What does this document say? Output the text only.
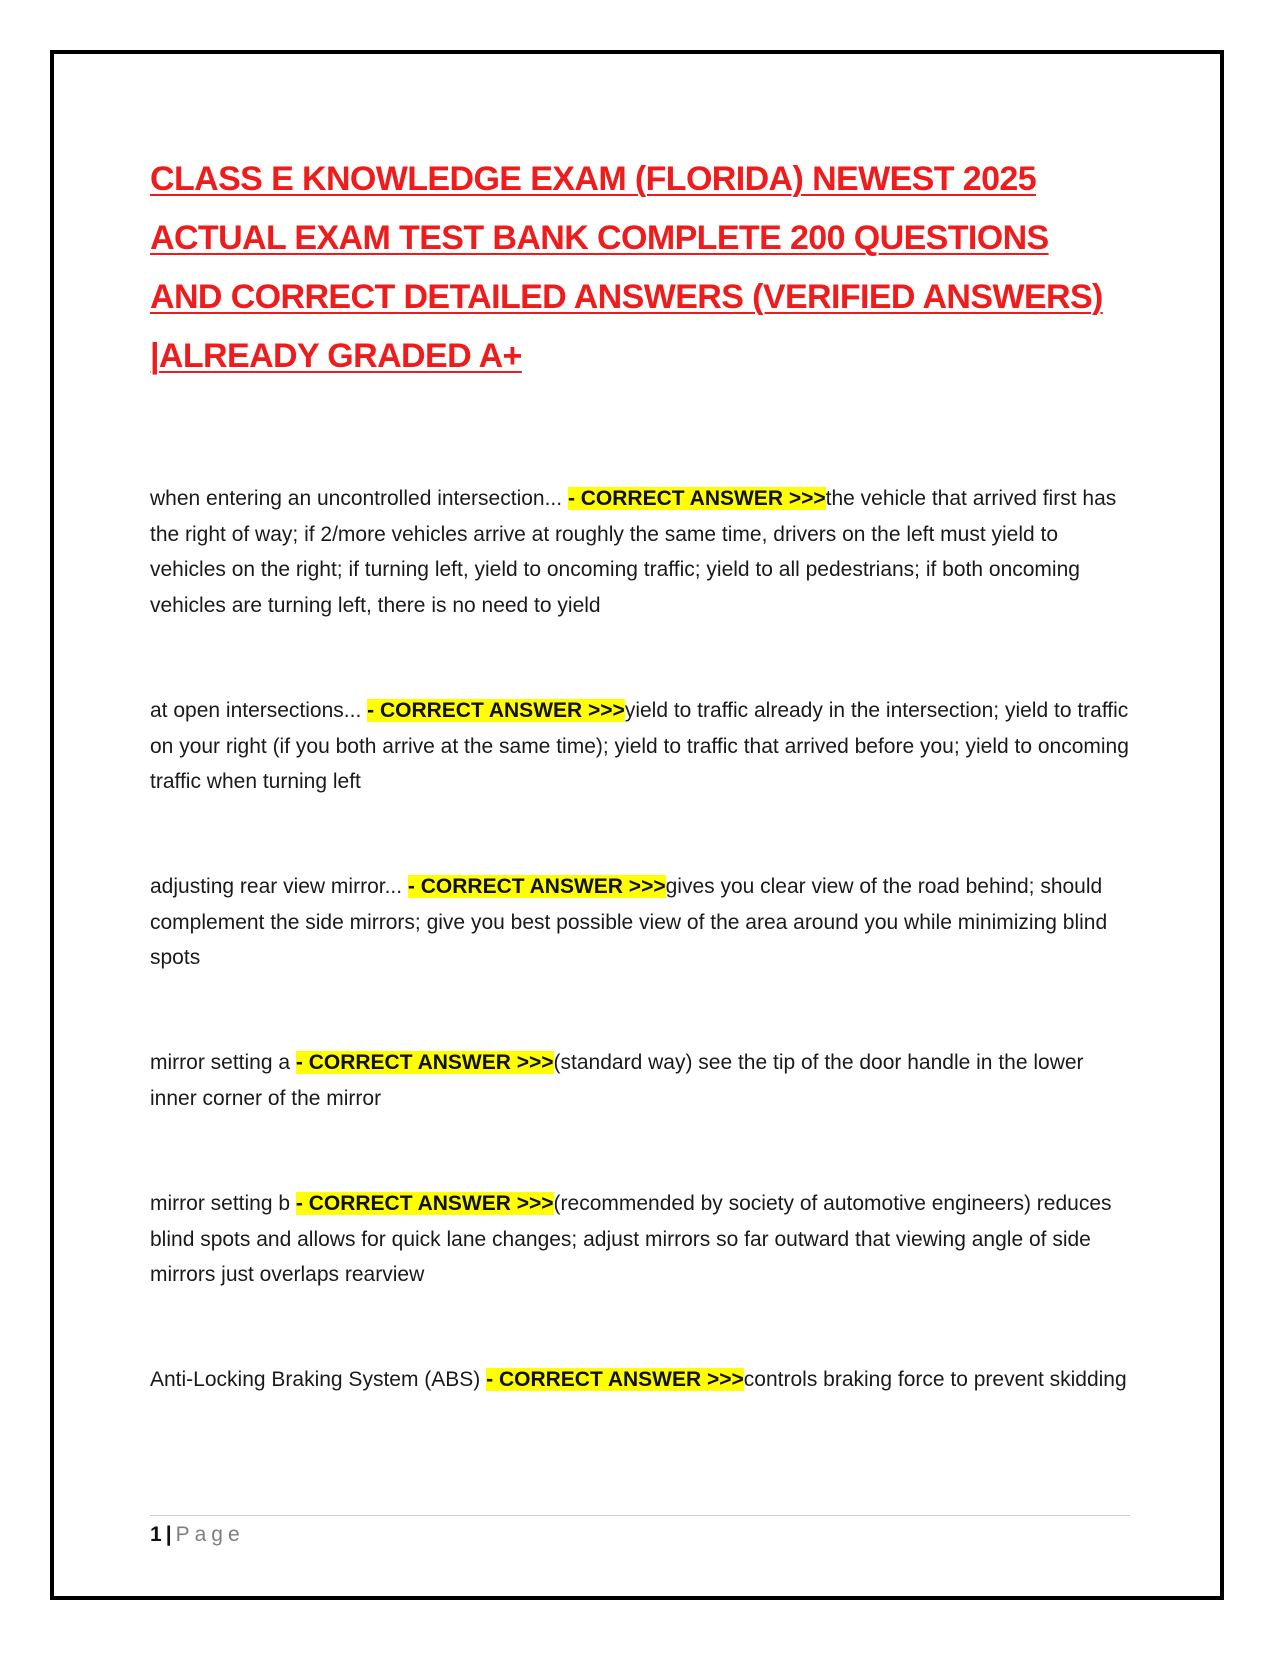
CLASS E KNOWLEDGE EXAM (FLORIDA) NEWEST 2025 ACTUAL EXAM TEST BANK COMPLETE 200 QUESTIONS AND CORRECT DETAILED ANSWERS (VERIFIED ANSWERS) |ALREADY GRADED A+
when entering an uncontrolled intersection... - CORRECT ANSWER >>>the vehicle that arrived first has the right of way; if 2/more vehicles arrive at roughly the same time, drivers on the left must yield to vehicles on the right; if turning left, yield to oncoming traffic; yield to all pedestrians; if both oncoming vehicles are turning left, there is no need to yield
at open intersections... - CORRECT ANSWER >>>yield to traffic already in the intersection; yield to traffic on your right (if you both arrive at the same time); yield to traffic that arrived before you; yield to oncoming traffic when turning left
adjusting rear view mirror... - CORRECT ANSWER >>>gives you clear view of the road behind; should complement the side mirrors; give you best possible view of the area around you while minimizing blind spots
mirror setting a - CORRECT ANSWER >>>(standard way) see the tip of the door handle in the lower inner corner of the mirror
mirror setting b - CORRECT ANSWER >>>(recommended by society of automotive engineers) reduces blind spots and allows for quick lane changes; adjust mirrors so far outward that viewing angle of side mirrors just overlaps rearview
Anti-Locking Braking System (ABS) - CORRECT ANSWER >>>controls braking force to prevent skidding
1 | Page
